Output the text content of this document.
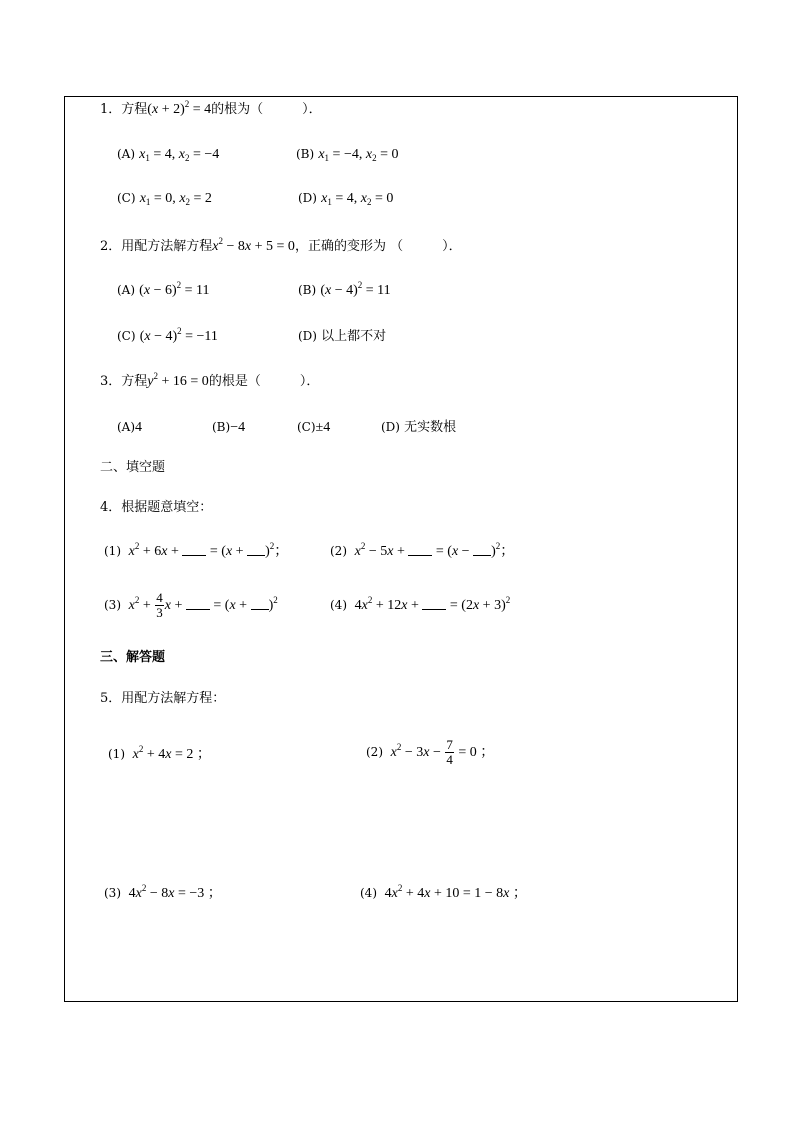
1．方程$(x + 2)^2 = 4$的根为（　　　）．
(A) $x_1 = 4$, $x_2 = -4$	(B) $x_1 = -4$, $x_2 = 0$
(C) $x_1 = 0$, $x_2 = 2$	(D) $x_1 = 4$, $x_2 = 0$
2．用配方法解方程$x^2 - 8x + 5 = 0$，正确的变形为 （　　　）．
(A) $(x - 6)^2 = 11$	(B) $(x - 4)^2 = 11$
(C) $(x - 4)^2 = -11$	(D) 以上都不对
3．方程$y^2 + 16 = 0$的根是（　　　）．
(A)4	(B)−4	(C)±4	(D) 无实数根
二、填空题
4．根据题意填空：
(1) $x^2 + 6x$ +  = $(x + )^2$；	(2) $x^2 - 5x$ +  = $(x - )^2$；
(3) $x^2 + \frac{4}{3}$ x +  = $(x + )^2$	(4)  $4x^2 + 12x$ +  = $(2x + 3)^2$
三、解答题
5．用配方法解方程：
(1) $x^2 + 4x = 2$ ；	(2) $x^2 - 3x - \frac{7}{4} = 0$ ；
(3)  $4x^2 - 8x = -3$ ；	(4)  $4x^2 + 4x + 10 = 1 - 8x$ ；
